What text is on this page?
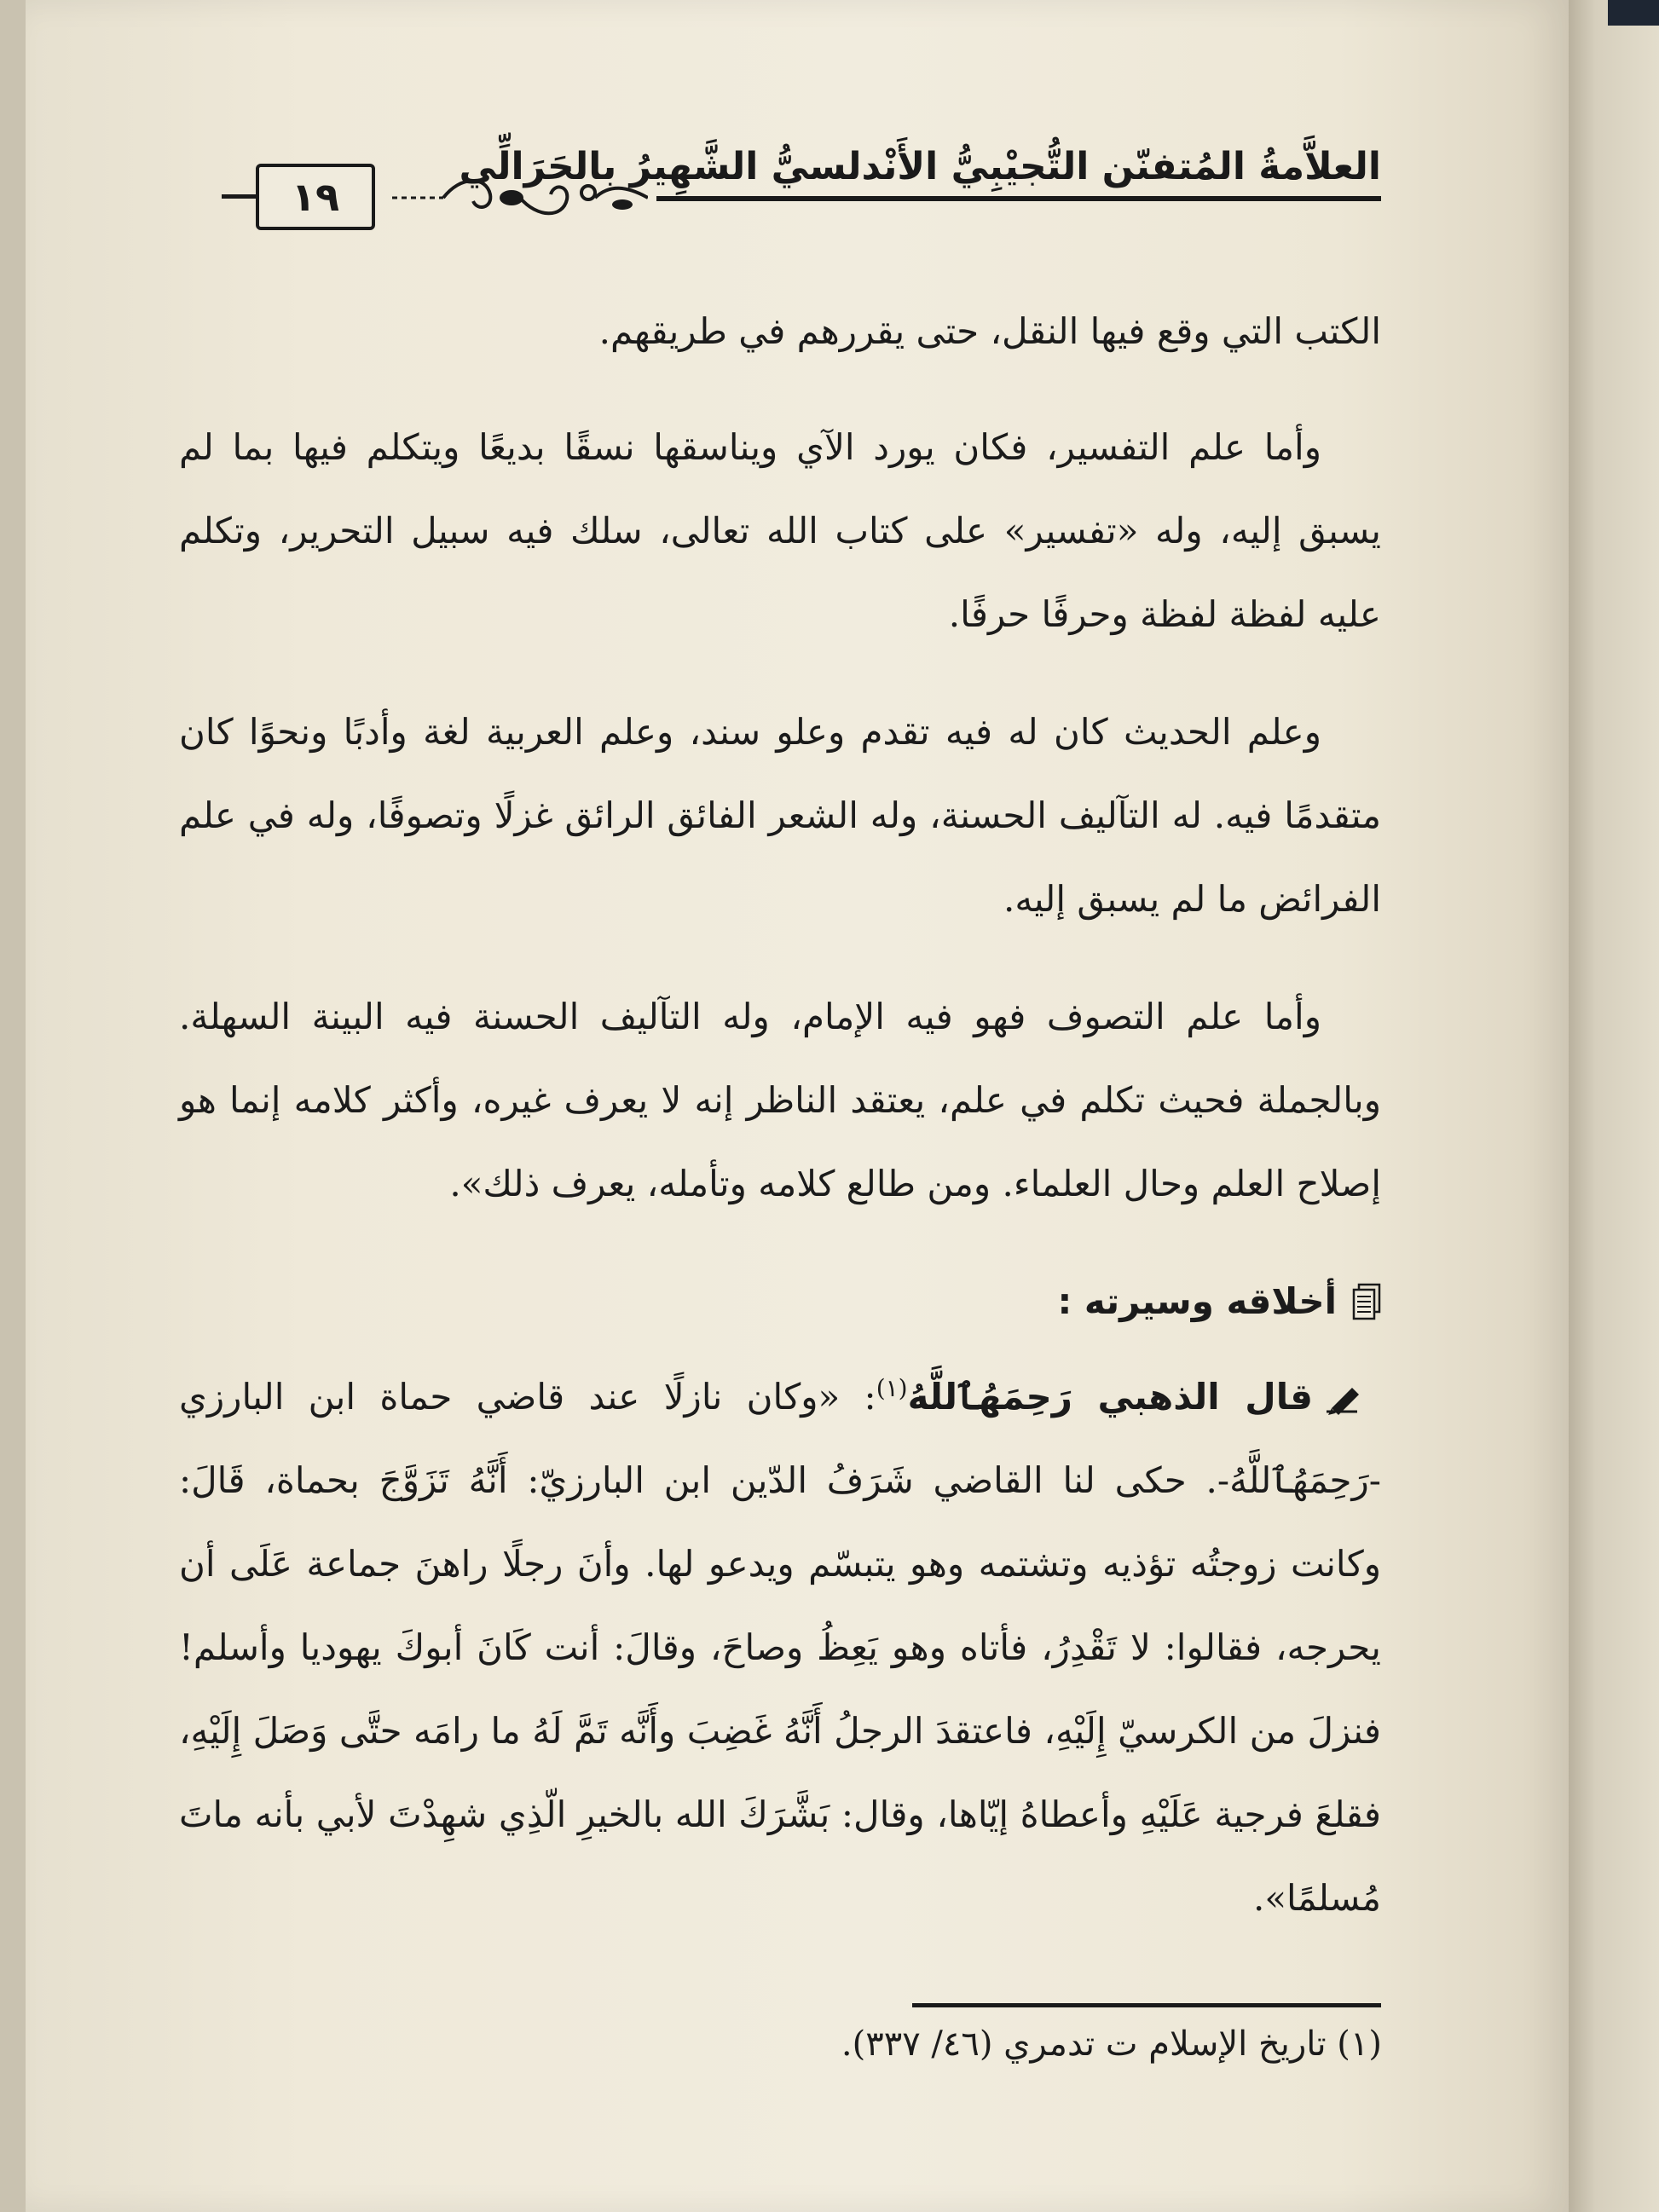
العلاَّمةُ المُتفنّن التُّجيْبِيُّ الأَنْدلسيُّ الشَّهِيرُ بالحَرَالِّي
١٩

الكتب التي وقع فيها النقل، حتى يقررهم في طريقهم.

وأما علم التفسير، فكان يورد الآي ويناسقها نسقًا بديعًا ويتكلم فيها بما لم يسبق إليه، وله «تفسير» على كتاب الله تعالى، سلك فيه سبيل التحرير، وتكلم عليه لفظة لفظة وحرفًا حرفًا.

وعلم الحديث كان له فيه تقدم وعلو سند، وعلم العربية لغة وأدبًا ونحوًا كان متقدمًا فيه. له التآليف الحسنة، وله الشعر الفائق الرائق غزلًا وتصوفًا، وله في علم الفرائض ما لم يسبق إليه.

وأما علم التصوف فهو فيه الإمام، وله التآليف الحسنة فيه البينة السهلة. وبالجملة فحيث تكلم في علم، يعتقد الناظر إنه لا يعرف غيره، وأكثر كلامه إنما هو إصلاح العلم وحال العلماء. ومن طالع كلامه وتأمله، يعرف ذلك».

أخلاقه وسيرته :

قال الذهبي رَحِمَهُٱللَّهُ$^{(١)}$: «وكان نازلًا عند قاضي حماة ابن البارزي -رَحِمَهُٱللَّهُ-. حكى لنا القاضي شَرَفُ الدّين ابن البارزيّ: أَنَّهُ تَزَوَّجَ بحماة، قَالَ: وكانت زوجتُه تؤذيه وتشتمه وهو يتبسّم ويدعو لها. وأنَ رجلًا راهنَ جماعة عَلَى أن يحرجه، فقالوا: لا تَقْدِرُ، فأتاه وهو يَعِظُ وصاحَ، وقالَ: أنت كَانَ أبوكَ يهوديا وأسلم! فنزلَ من الكرسيّ إِلَيْهِ، فاعتقدَ الرجلُ أَنَّهُ غَضِبَ وأَنَّه تَمَّ لَهُ ما رامَه حتَّى وَصَلَ إِلَيْهِ، فقلعَ فرجية عَلَيْهِ وأعطاهُ إيّاها، وقال: بَشَّرَكَ الله بالخيرِ الّذِي شهِدْتَ لأبي بأنه ماتَ مُسلمًا».

(١) تاريخ الإسلام ت تدمري (٤٦/ ٣٣٧).
